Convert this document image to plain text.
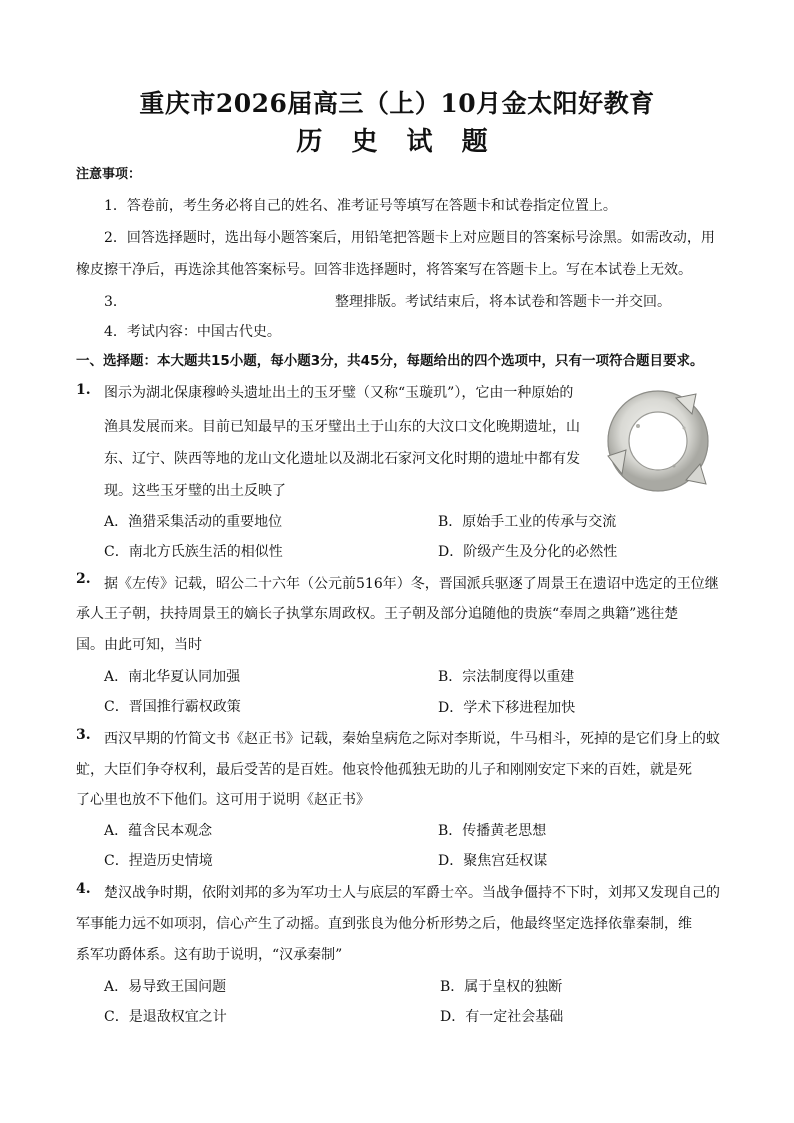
重庆市2026届高三（上）10月金太阳好教育
历 史 试 题
注意事项：
1．答卷前，考生务必将自己的姓名、准考证号等填写在答题卡和试卷指定位置上。
2．回答选择题时，选出每小题答案后，用铅笔把答题卡上对应题目的答案标号涂黑。如需改动，用
橡皮擦干净后，再选涂其他答案标号。回答非选择题时，将答案写在答题卡上。写在本试卷上无效。
3．	整理排版。考试结束后，将本试卷和答题卡一并交回。
4．考试内容：中国古代史。
一、选择题：本大题共15小题，每小题3分，共45分，每题给出的四个选项中，只有一项符合题目要求。
1. 图示为湖北保康穆岭头遗址出土的玉牙璧（又称“玉璇玑”），它由一种原始的
渔具发展而来。目前已知最早的玉牙璧出土于山东的大汶口文化晚期遗址，山
东、辽宁、陕西等地的龙山文化遗址以及湖北石家河文化时期的遗址中都有发
现。这些玉牙璧的出土反映了
A．渔猎采集活动的重要地位	B．原始手工业的传承与交流
C．南北方氏族生活的相似性	D．阶级产生及分化的必然性
2. 据《左传》记载，昭公二十六年（公元前516年）冬，晋国派兵驱逐了周景王在遗诏中选定的王位继
承人王子朝，扶持周景王的嫡长子执掌东周政权。王子朝及部分追随他的贵族“奉周之典籍”逃往楚
国。由此可知，当时
A．南北华夏认同加强	B．宗法制度得以重建
C．晋国推行霸权政策	D．学术下移进程加快
3. 西汉早期的竹简文书《赵正书》记载，秦始皇病危之际对李斯说，牛马相斗，死掉的是它们身上的蚊
虻，大臣们争夺权利，最后受苦的是百姓。他哀怜他孤独无助的儿子和刚刚安定下来的百姓，就是死
了心里也放不下他们。这可用于说明《赵正书》
A．蕴含民本观念	B．传播黄老思想
C．捏造历史情境	D．聚焦宫廷权谋
4. 楚汉战争时期，依附刘邦的多为军功士人与底层的军爵士卒。当战争僵持不下时，刘邦又发现自己的
军事能力远不如项羽，信心产生了动摇。直到张良为他分析形势之后，他最终坚定选择依靠秦制，维
系军功爵体系。这有助于说明，“汉承秦制”
A．易导致王国问题	B．属于皇权的独断
C．是退敌权宜之计	D．有一定社会基础
